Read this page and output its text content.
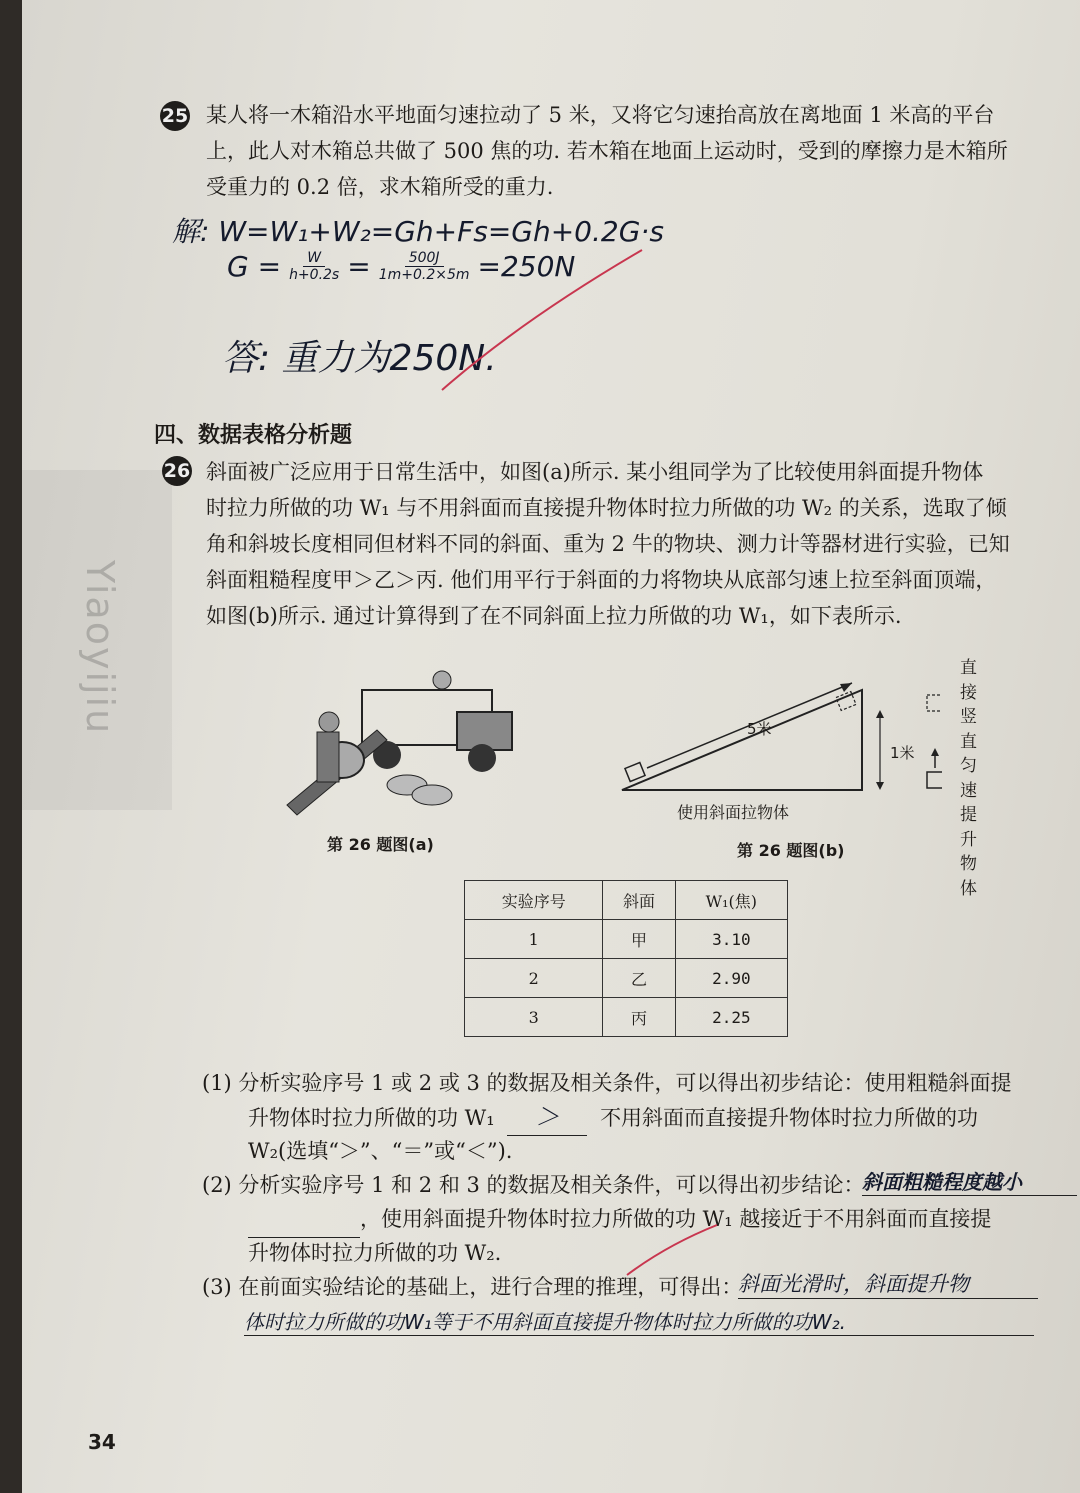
Yiaoyijiu
25 某人将一木箱沿水平地面匀速拉动了 5 米，又将它匀速抬高放在离地面 1 米高的平台
上，此人对木箱总共做了 500 焦的功. 若木箱在地面上运动时，受到的摩擦力是木箱所
受重力的 0.2 倍，求木箱所受的重力.
解: W=W₁+W₂=Gh+Fs=Gh+0.2G·s
$G = \frac{W}{h+0.2s} = \frac{500J}{1m+0.2\times 5m} =250N$
答: 重力为250N.
四、数据表格分析题
26 斜面被广泛应用于日常生活中，如图(a)所示. 某小组同学为了比较使用斜面提升物体
时拉力所做的功 W₁ 与不用斜面而直接提升物体时拉力所做的功 W₂ 的关系，选取了倾
角和斜坡长度相同但材料不同的斜面、重为 2 牛的物块、测力计等器材进行实验，已知
斜面粗糙程度甲＞乙＞丙. 他们用平行于斜面的力将物块从底部匀速上拉至斜面顶端，
如图(b)所示. 通过计算得到了在不同斜面上拉力所做的功 W₁，如下表所示.
第 26 题图(a)
5米
1米
使用斜面拉物体
直接竖直匀速提升物体
第 26 题图(b)
实验序号	斜面	W₁(焦)
1	甲	3.10
2	乙	2.90
3	丙	2.25
(1) 分析实验序号 1 或 2 或 3 的数据及相关条件，可以得出初步结论：使用粗糙斜面提
升物体时拉力所做的功 W₁ ＞ 不用斜面而直接提升物体时拉力所做的功
W₂(选填“＞”、“＝”或“＜”).
(2) 分析实验序号 1 和 2 和 3 的数据及相关条件，可以得出初步结论：
斜面粗糙程度越小
，使用斜面提升物体时拉力所做的功 W₁ 越接近于不用斜面而直接提
升物体时拉力所做的功 W₂.
(3) 在前面实验结论的基础上，进行合理的推理，可得出：
斜面光滑时，斜面提升物
体时拉力所做的功W₁等于不用斜面直接提升物体时拉力所做的功W₂.
34
